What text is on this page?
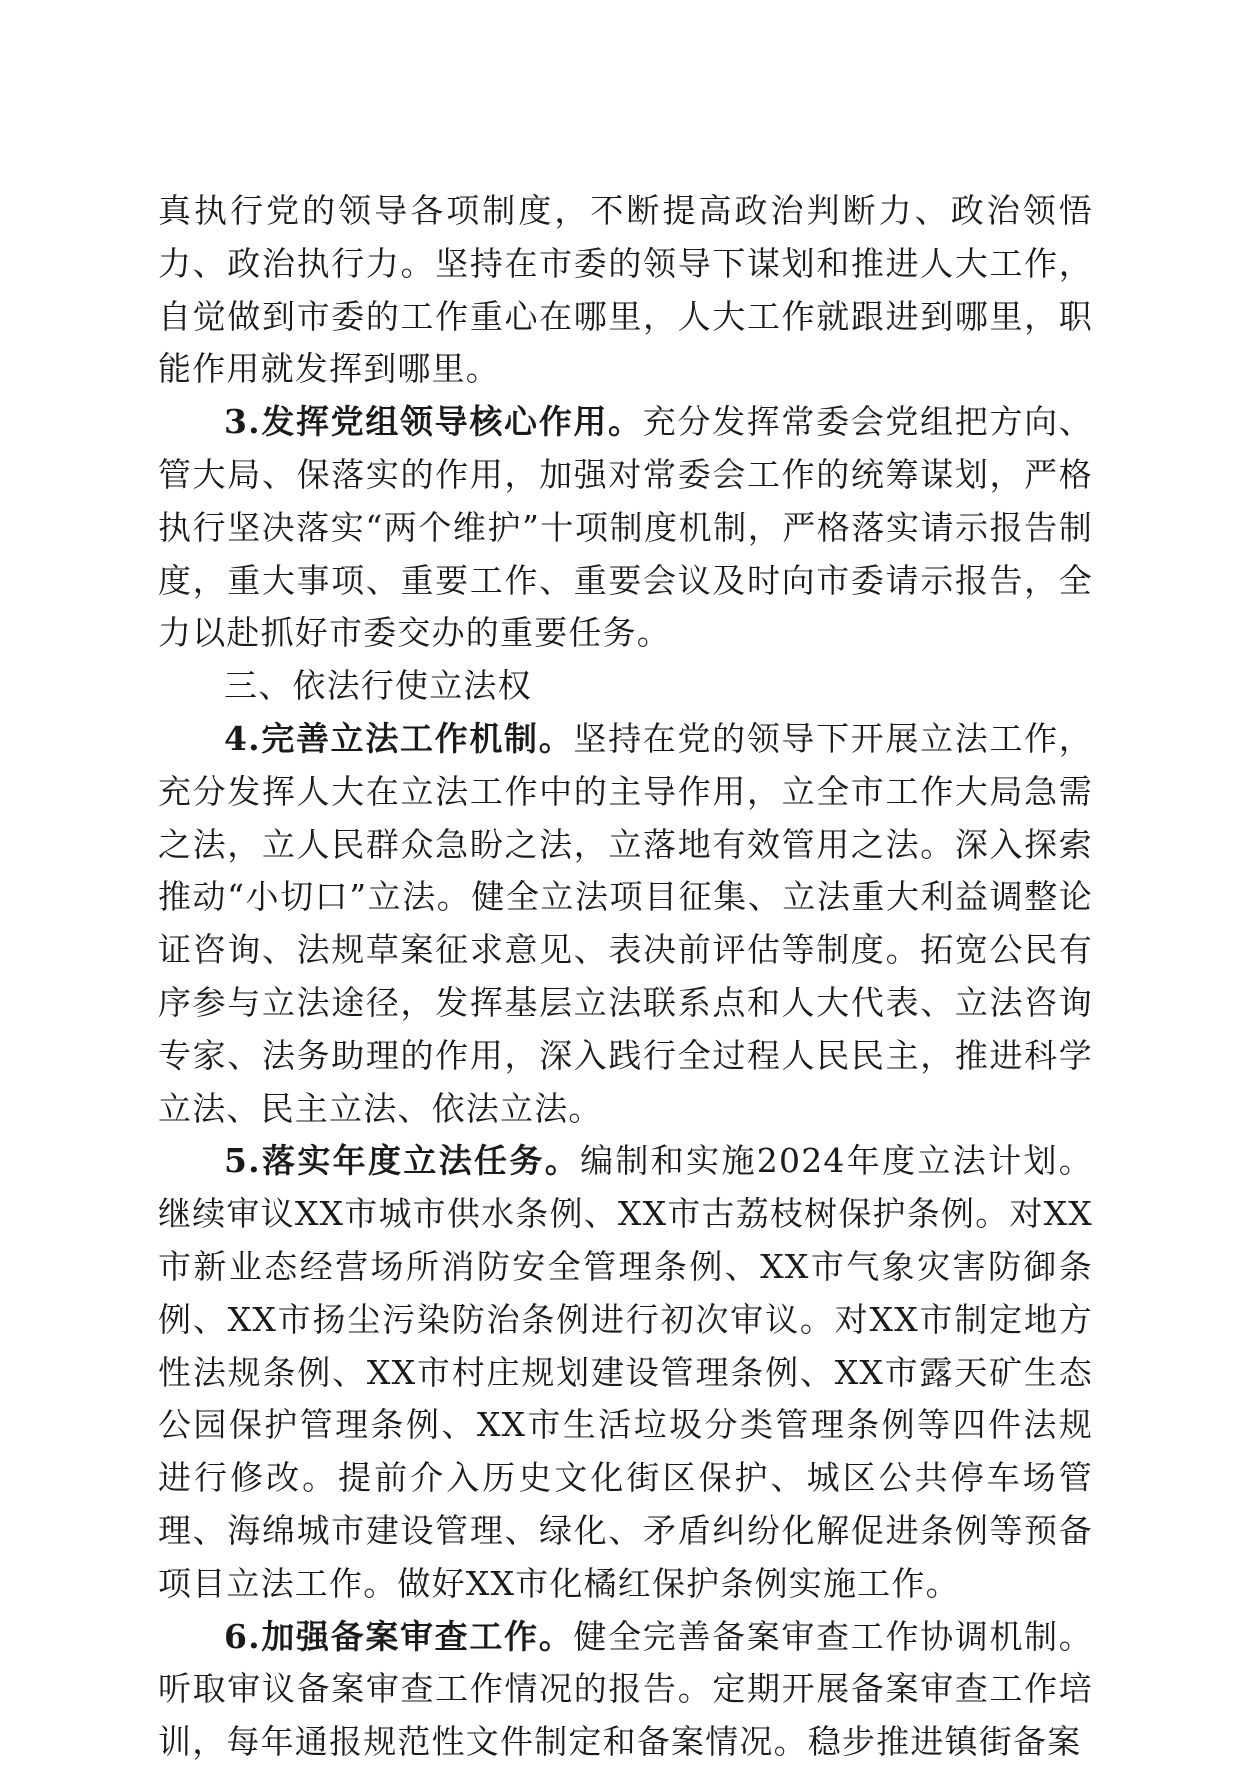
真执行党的领导各项制度，不断提高政治判断力、政治领悟力、政治执行力。坚持在市委的领导下谋划和推进人大工作，自觉做到市委的工作重心在哪里，人大工作就跟进到哪里，职能作用就发挥到哪里。

3.发挥党组领导核心作用。充分发挥常委会党组把方向、管大局、保落实的作用，加强对常委会工作的统筹谋划，严格执行坚决落实“两个维护”十项制度机制，严格落实请示报告制度，重大事项、重要工作、重要会议及时向市委请示报告，全力以赴抓好市委交办的重要任务。

三、依法行使立法权

4.完善立法工作机制。坚持在党的领导下开展立法工作，充分发挥人大在立法工作中的主导作用，立全市工作大局急需之法，立人民群众急盼之法，立落地有效管用之法。深入探索推动“小切口”立法。健全立法项目征集、立法重大利益调整论证咨询、法规草案征求意见、表决前评估等制度。拓宽公民有序参与立法途径，发挥基层立法联系点和人大代表、立法咨询专家、法务助理的作用，深入践行全过程人民民主，推进科学立法、民主立法、依法立法。

5.落实年度立法任务。编制和实施2024年度立法计划。继续审议XX市城市供水条例、XX市古荔枝树保护条例。对XX市新业态经营场所消防安全管理条例、XX市气象灾害防御条例、XX市扬尘污染防治条例进行初次审议。对XX市制定地方性法规条例、XX市村庄规划建设管理条例、XX市露天矿生态公园保护管理条例、XX市生活垃圾分类管理条例等四件法规进行修改。提前介入历史文化街区保护、城区公共停车场管理、海绵城市建设管理、绿化、矛盾纠纷化解促进条例等预备项目立法工作。做好XX市化橘红保护条例实施工作。

6.加强备案审查工作。健全完善备案审查工作协调机制。听取审议备案审查工作情况的报告。定期开展备案审查工作培训，每年通报规范性文件制定和备案情况。稳步推进镇街备案
